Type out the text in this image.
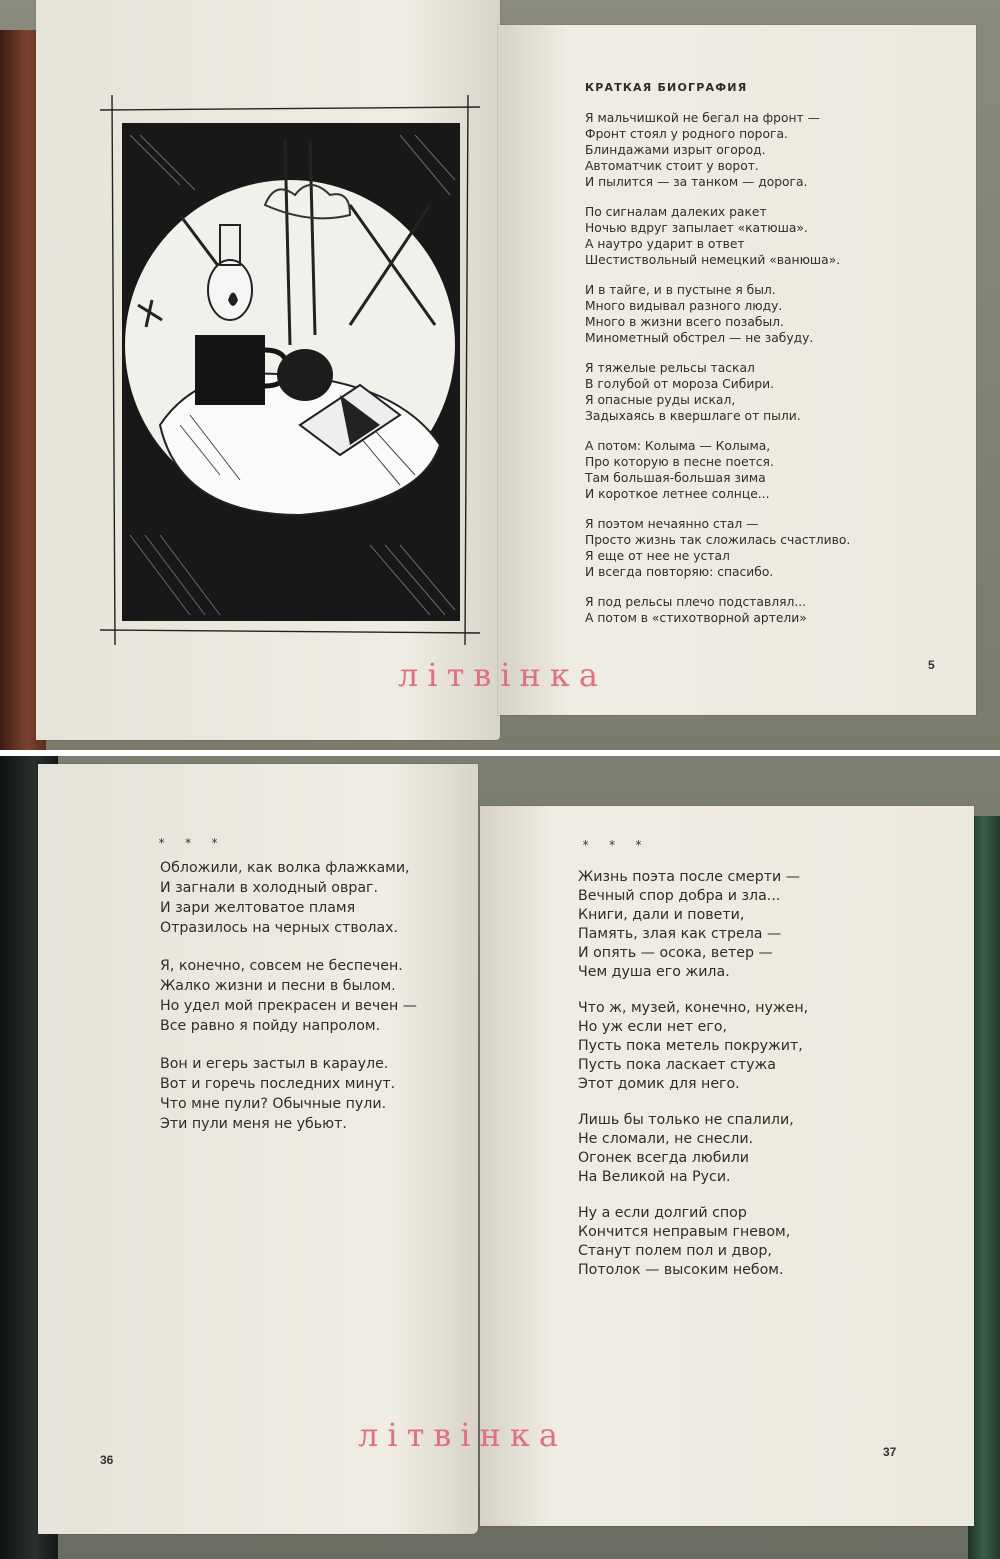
КРАТКАЯ БИОГРАФИЯ
Я мальчишкой не бегал на фронт —
Фронт стоял у родного порога.
Блиндажами изрыт огород.
Автоматчик стоит у ворот.
И пылится — за танком — дорога.
По сигналам далеких ракет
Ночью вдруг запылает «катюша».
А наутро ударит в ответ
Шестиствольный немецкий «ванюша».
И в тайге, и в пустыне я был.
Много видывал разного люду.
Много в жизни всего позабыл.
Минометный обстрел — не забуду.
Я тяжелые рельсы таскал
В голубой от мороза Сибири.
Я опасные руды искал,
Задыхаясь в квершлаге от пыли.
А потом: Колыма — Колыма,
Про которую в песне поется.
Там большая-большая зима
И короткое летнее солнце...
Я поэтом нечаянно стал —
Просто жизнь так сложилась счастливо.
Я еще от нее не устал
И всегда повторяю: спасибо.
Я под рельсы плечо подставлял...
А потом в «стихотворной артели»
5
літвінка
* * *
Обложили, как волка флажками,
И загнали в холодный овраг.
И зари желтоватое пламя
Отразилось на черных стволах.
Я, конечно, совсем не беспечен.
Жалко жизни и песни в былом.
Но удел мой прекрасен и вечен —
Все равно я пойду напролом.
Вон и егерь застыл в карауле.
Вот и горечь последних минут.
Что мне пули? Обычные пули.
Эти пули меня не убьют.
36
* * *
Жизнь поэта после смерти —
Вечный спор добра и зла...
Книги, дали и повети,
Память, злая как стрела —
И опять — осока, ветер —
Чем душа его жила.
Что ж, музей, конечно, нужен,
Но уж если нет его,
Пусть пока метель покружит,
Пусть пока ласкает стужа
Этот домик для него.
Лишь бы только не спалили,
Не сломали, не снесли.
Огонек всегда любили
На Великой на Руси.
Ну а если долгий спор
Кончится неправым гневом,
Станут полем пол и двор,
Потолок — высоким небом.
37
літвінка
